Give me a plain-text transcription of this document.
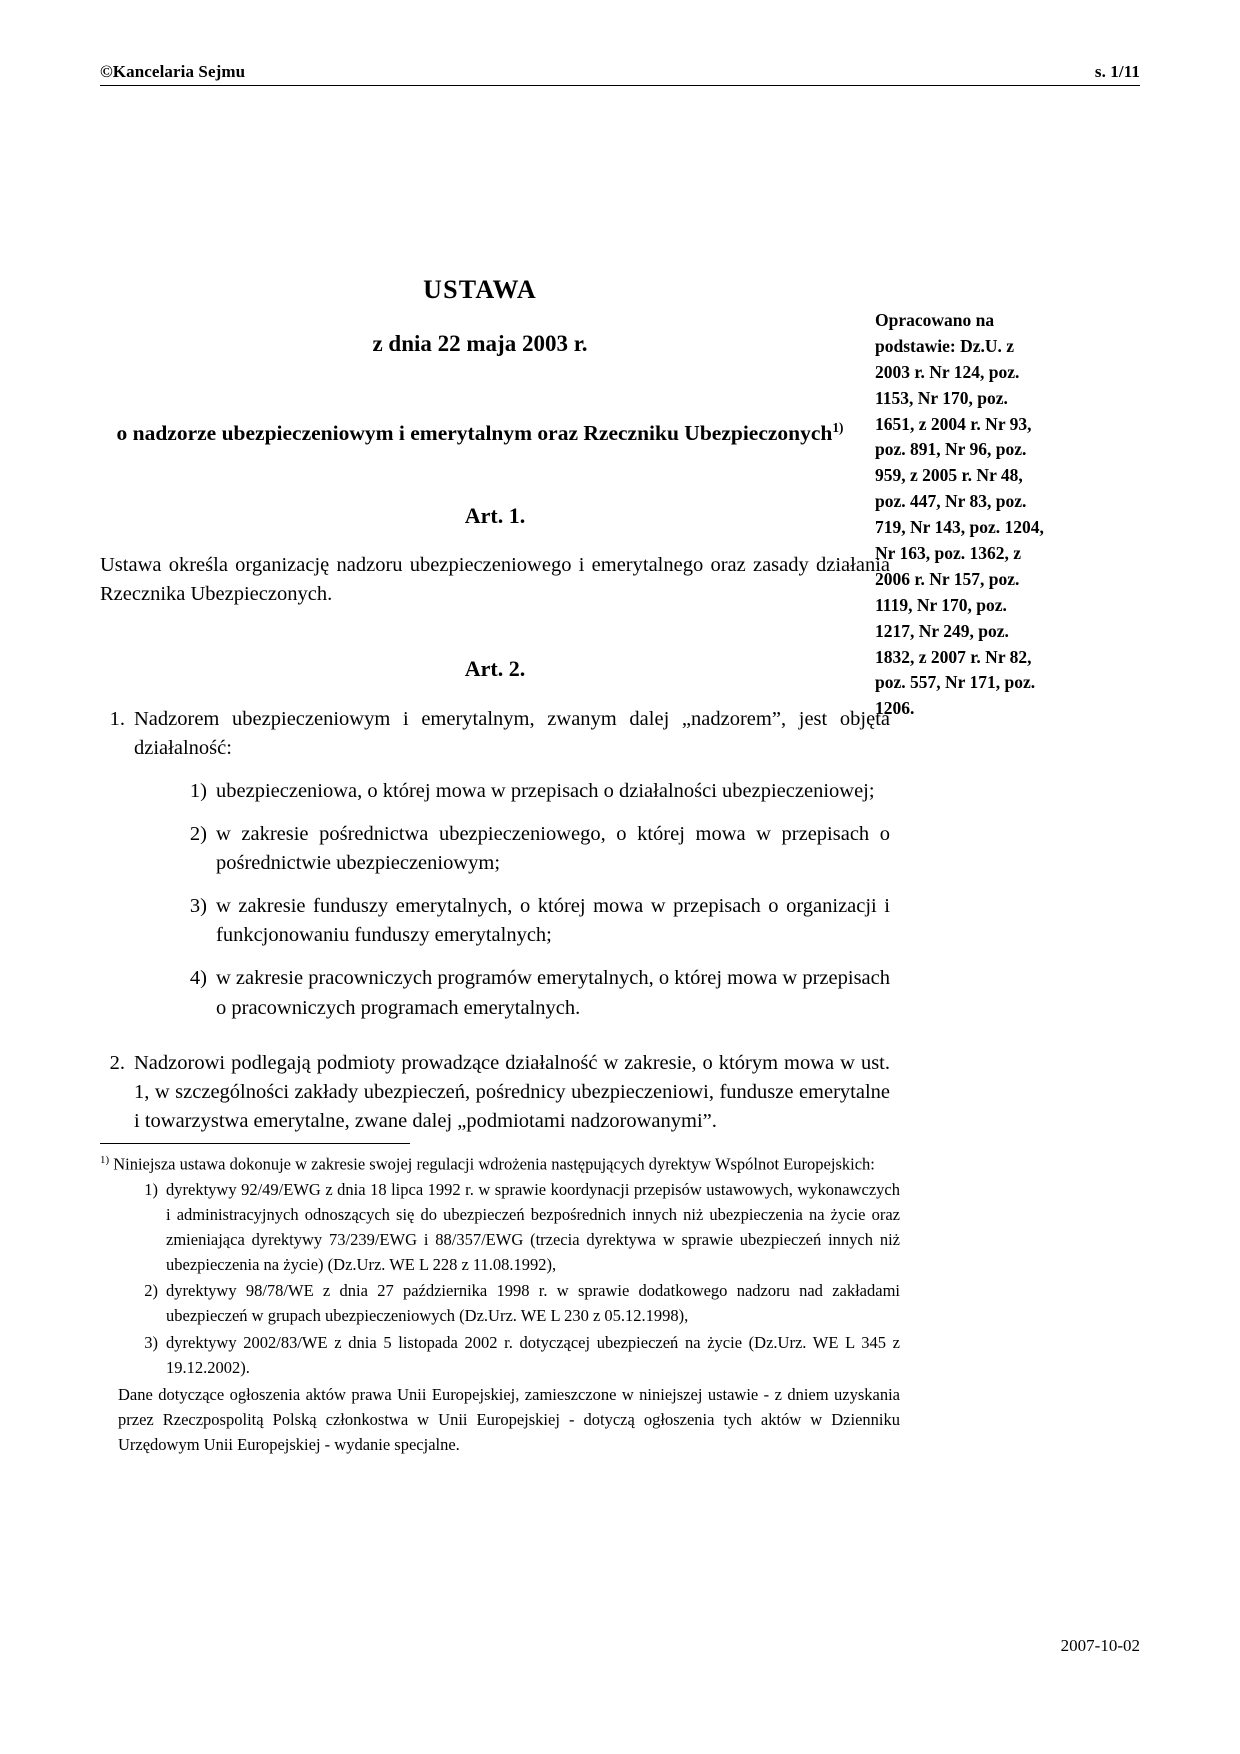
©Kancelaria Sejmu	s. 1/11
USTAWA
z dnia 22 maja 2003 r.
o nadzorze ubezpieczeniowym i emerytalnym oraz Rzeczniku Ubezpieczonych$^{1)}$
Opracowano na podstawie: Dz.U. z 2003 r. Nr 124, poz. 1153, Nr 170, poz. 1651, z 2004 r. Nr 93, poz. 891, Nr 96, poz. 959, z 2005 r. Nr 48, poz. 447, Nr 83, poz. 719, Nr 143, poz. 1204, Nr 163, poz. 1362, z 2006 r. Nr 157, poz. 1119, Nr 170, poz. 1217, Nr 249, poz. 1832, z 2007 r. Nr 82, poz. 557, Nr 171, poz. 1206.
Art. 1.

Ustawa określa organizację nadzoru ubezpieczeniowego i emerytalnego oraz zasady działania Rzecznika Ubezpieczonych.

Art. 2.
1. Nadzorem ubezpieczeniowym i emerytalnym, zwanym dalej „nadzorem”, jest objęta działalność:
1) ubezpieczeniowa, o której mowa w przepisach o działalności ubezpieczeniowej;
2) w zakresie pośrednictwa ubezpieczeniowego, o której mowa w przepisach o pośrednictwie ubezpieczeniowym;
3) w zakresie funduszy emerytalnych, o której mowa w przepisach o organizacji i funkcjonowaniu funduszy emerytalnych;
4) w zakresie pracowniczych programów emerytalnych, o której mowa w przepisach o pracowniczych programach emerytalnych.
2. Nadzorowi podlegają podmioty prowadzące działalność w zakresie, o którym mowa w ust. 1, w szczególności zakłady ubezpieczeń, pośrednicy ubezpieczeniowi, fundusze emerytalne i towarzystwa emerytalne, zwane dalej „podmiotami nadzorowanymi”.

$^{1)}$ Niniejsza ustawa dokonuje w zakresie swojej regulacji wdrożenia następujących dyrektyw Wspólnot Europejskich:

1) dyrektywy 92/49/EWG z dnia 18 lipca 1992 r. w sprawie koordynacji przepisów ustawowych, wykonawczych i administracyjnych odnoszących się do ubezpieczeń bezpośrednich innych niż ubezpieczenia na życie oraz zmieniająca dyrektywy 73/239/EWG i 88/357/EWG (trzecia dyrektywa w sprawie ubezpieczeń innych niż ubezpieczenia na życie) (Dz.Urz. WE L 228 z 11.08.1992),
2) dyrektywy 98/78/WE z dnia 27 października 1998 r. w sprawie dodatkowego nadzoru nad zakładami ubezpieczeń w grupach ubezpieczeniowych (Dz.Urz. WE L 230 z 05.12.1998),
3) dyrektywy 2002/83/WE z dnia 5 listopada 2002 r. dotyczącej ubezpieczeń na życie (Dz.Urz. WE L 345 z 19.12.2002).

Dane dotyczące ogłoszenia aktów prawa Unii Europejskiej, zamieszczone w niniejszej ustawie - z dniem uzyskania przez Rzeczpospolitą Polską członkostwa w Unii Europejskiej - dotyczą ogłoszenia tych aktów w Dzienniku Urzędowym Unii Europejskiej - wydanie specjalne.

2007-10-02
